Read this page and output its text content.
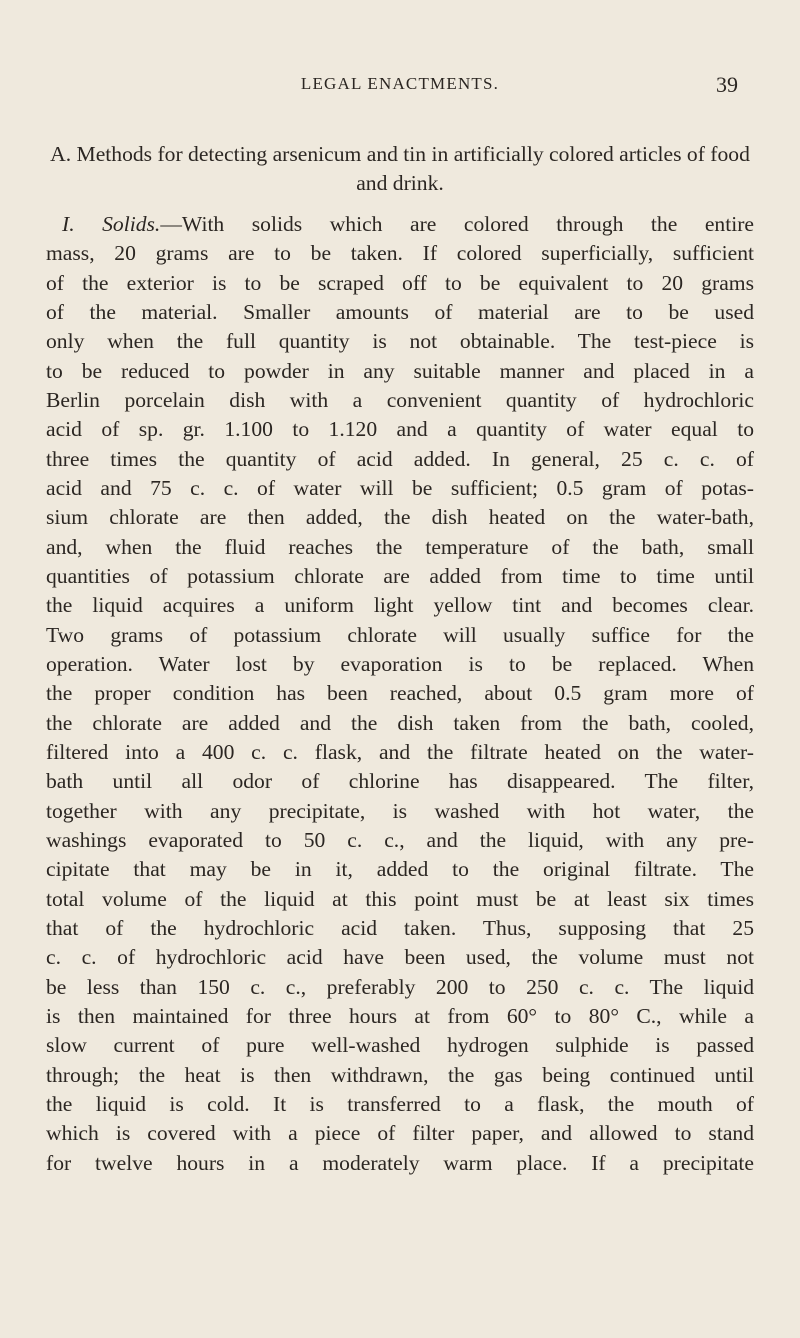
LEGAL ENACTMENTS.	39
A. Methods for detecting arsenicum and tin in artificially colored articles of food and drink.
I. Solids.—With solids which are colored through the entire
mass, 20 grams are to be taken. If colored superficially, sufficient
of the exterior is to be scraped off to be equivalent to 20 grams
of the material. Smaller amounts of material are to be used
only when the full quantity is not obtainable. The test-piece is
to be reduced to powder in any suitable manner and placed in a
Berlin porcelain dish with a convenient quantity of hydrochloric
acid of sp. gr. 1.100 to 1.120 and a quantity of water equal to
three times the quantity of acid added. In general, 25 c. c. of
acid and 75 c. c. of water will be sufficient; 0.5 gram of potas-
sium chlorate are then added, the dish heated on the water-bath,
and, when the fluid reaches the temperature of the bath, small
quantities of potassium chlorate are added from time to time until
the liquid acquires a uniform light yellow tint and becomes clear.
Two grams of potassium chlorate will usually suffice for the
operation. Water lost by evaporation is to be replaced. When
the proper condition has been reached, about 0.5 gram more of
the chlorate are added and the dish taken from the bath, cooled,
filtered into a 400 c. c. flask, and the filtrate heated on the water-
bath until all odor of chlorine has disappeared. The filter,
together with any precipitate, is washed with hot water, the
washings evaporated to 50 c. c., and the liquid, with any pre-
cipitate that may be in it, added to the original filtrate. The
total volume of the liquid at this point must be at least six times
that of the hydrochloric acid taken. Thus, supposing that 25
c. c. of hydrochloric acid have been used, the volume must not
be less than 150 c. c., preferably 200 to 250 c. c. The liquid
is then maintained for three hours at from 60° to 80° C., while a
slow current of pure well-washed hydrogen sulphide is passed
through; the heat is then withdrawn, the gas being continued until
the liquid is cold. It is transferred to a flask, the mouth of
which is covered with a piece of filter paper, and allowed to stand
for twelve hours in a moderately warm place. If a precipitate
